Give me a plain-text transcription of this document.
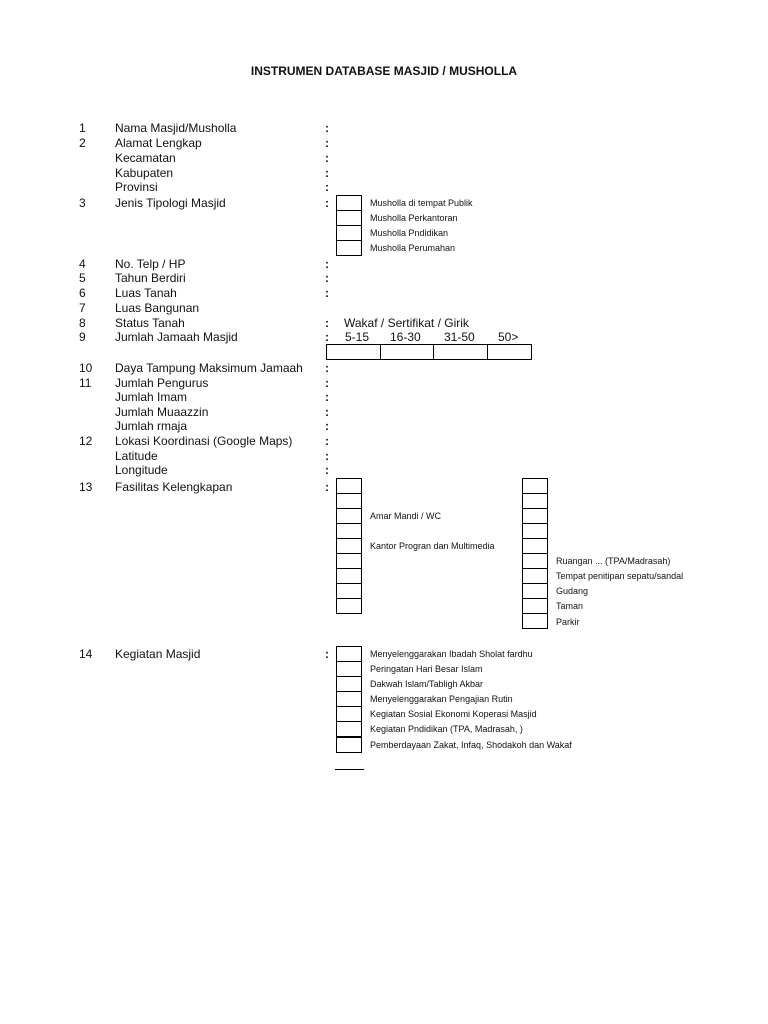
INSTRUMEN DATABASE MASJID / MUSHOLLA
1 Nama Masjid/Musholla	:
2 Alamat Lengkap	:
Kecamatan	:
Kabupaten	:
Provinsi	:
3 Jenis Tipologi Masjid	:	Musholla di tempat Publik
Musholla Perkantoran
Musholla Pndidikan
Musholla Perumahan
4 No. Telp / HP	:
5 Tahun Berdiri	:
6 Luas Tanah	:
7 Luas Bangunan
8 Status Tanah	: Wakaf / Sertifikat / Girik
9 Jumlah Jamaah Masjid	: 5-15 16-30 31-50 50>
10 Daya Tampung Maksimum Jamaah :
11 Jumlah Pengurus	:
Jumlah Imam	:
Jumlah Muaazzin	:
Jumlah rmaja	:
12 Lokasi Koordinasi (Google Maps)	:
Latitude	:
Longitude	:
13 Fasilitas Kelengkapan	:
Amar Mandi / WC
Kantor Progran dan Multimedia
Ruangan ... (TPA/Madrasah)
Tempat penitipan sepatu/sandal
Gudang
Taman
Parkir
14 Kegiatan Masjid	:	Menyelenggarakan Ibadah Sholat fardhu
Peringatan Hari Besar Islam
Dakwah Islam/Tabligh Akbar
Menyelenggarakan Pengajian Rutin
Kegiatan Sosial Ekonomi Koperasi Masjid
Kegiatan Pndidikan (TPA, Madrasah, )
Pemberdayaan Zakat, Infaq, Shodakoh dan Wakaf
